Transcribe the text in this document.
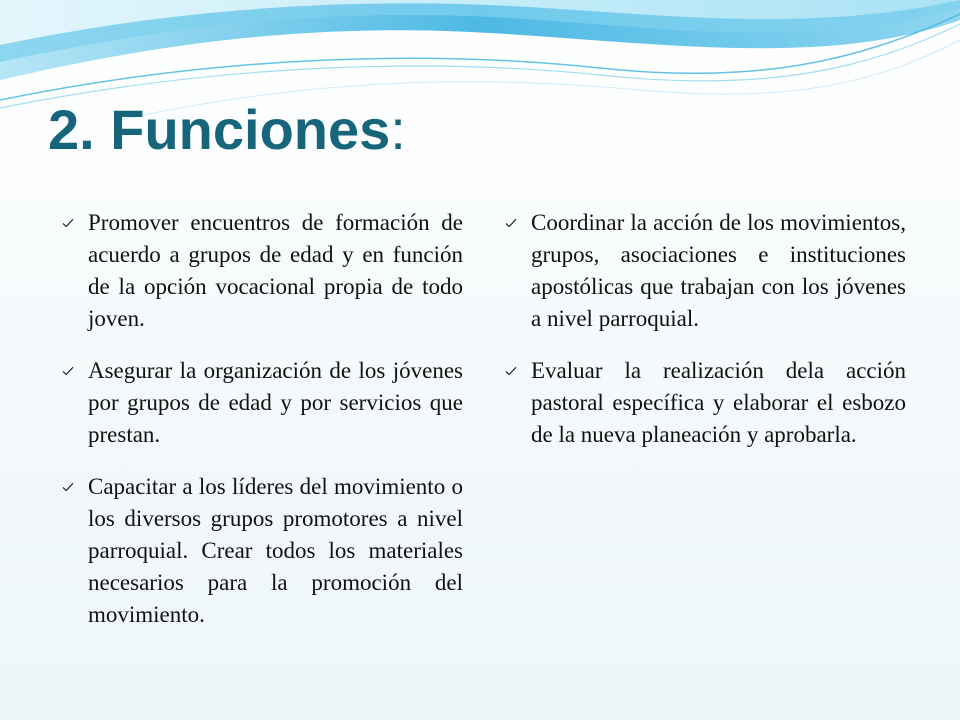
2. Funciones:
Promover encuentros de formación de acuerdo a grupos de edad y en función de la opción vocacional propia de todo joven.
Asegurar la organización de los jóvenes por grupos de edad y por servicios que prestan.
Capacitar a los líderes del movimiento o los diversos grupos promotores a nivel parroquial. Crear todos los materiales necesarios para la promoción del movimiento.
Coordinar la acción de los movimientos, grupos, asociaciones e instituciones apostólicas que trabajan con los jóvenes a nivel parroquial.
Evaluar la realización dela acción pastoral específica y elaborar el esbozo de la nueva planeación y aprobarla.
